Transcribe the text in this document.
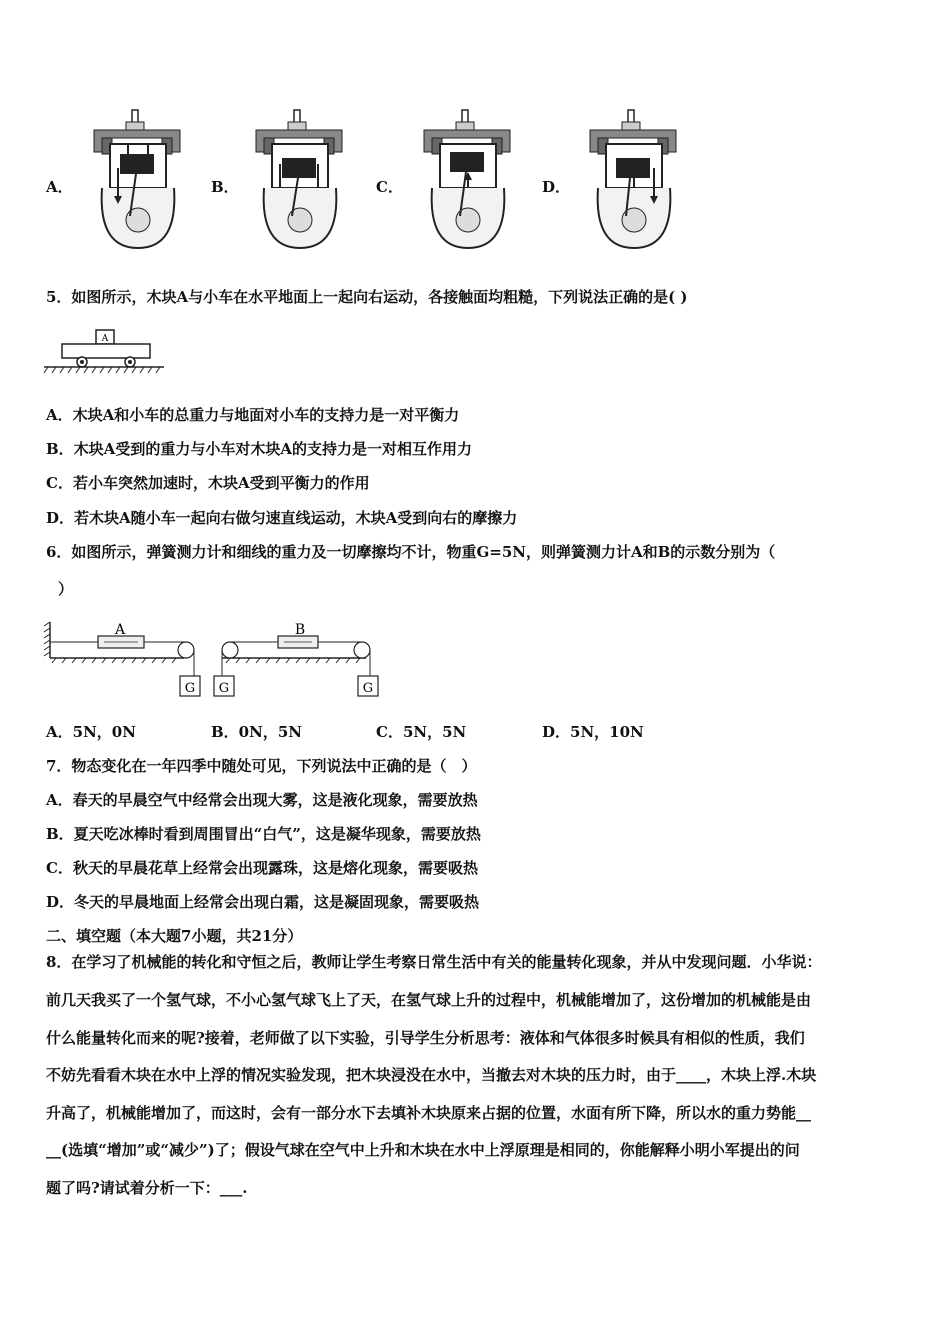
A．	B．	C．	D．
5．如图所示，木块A与小车在水平地面上一起向右运动，各接触面均粗糙，下列说法正确的是( )
A
A．木块A和小车的总重力与地面对小车的支持力是一对平衡力
B．木块A受到的重力与小车对木块A的支持力是一对相互作用力
C．若小车突然加速时，木块A受到平衡力的作用
D．若木块A随小车一起向右做匀速直线运动，木块A受到向右的摩擦力
6．如图所示，弹簧测力计和细线的重力及一切摩擦均不计，物重G=5N，则弹簧测力计A和B的示数分别为（
）
A
G G
B
G
A．5N，0N	B．0N，5N	C．5N，5N	D．5N，10N
7．物态变化在一年四季中随处可见，下列说法中正确的是（　）
A．春天的早晨空气中经常会出现大雾，这是液化现象，需要放热
B．夏天吃冰棒时看到周围冒出“白气”，这是凝华现象，需要放热
C．秋天的早晨花草上经常会出现露珠，这是熔化现象，需要吸热
D．冬天的早晨地面上经常会出现白霜，这是凝固现象，需要吸热
二、填空题（本大题7小题，共21分）
8．在学习了机械能的转化和守恒之后，教师让学生考察日常生活中有关的能量转化现象，并从中发现问题．小华说：
前几天我买了一个氢气球，不小心氢气球飞上了天，在氢气球上升的过程中，机械能增加了，这份增加的机械能是由
什么能量转化而来的呢?接着，老师做了以下实验，引导学生分析思考：液体和气体很多时候具有相似的性质，我们
不妨先看看木块在水中上浮的情况实验发现，把木块浸没在水中，当撤去对木块的压力时，由于____，木块上浮.木块
升高了，机械能增加了，而这时，会有一部分水下去填补木块原来占据的位置，水面有所下降，所以水的重力势能__
__(选填“增加”或“减少”)了；假设气球在空气中上升和木块在水中上浮原理是相同的，你能解释小明小军提出的问
题了吗?请试着分析一下：___.
